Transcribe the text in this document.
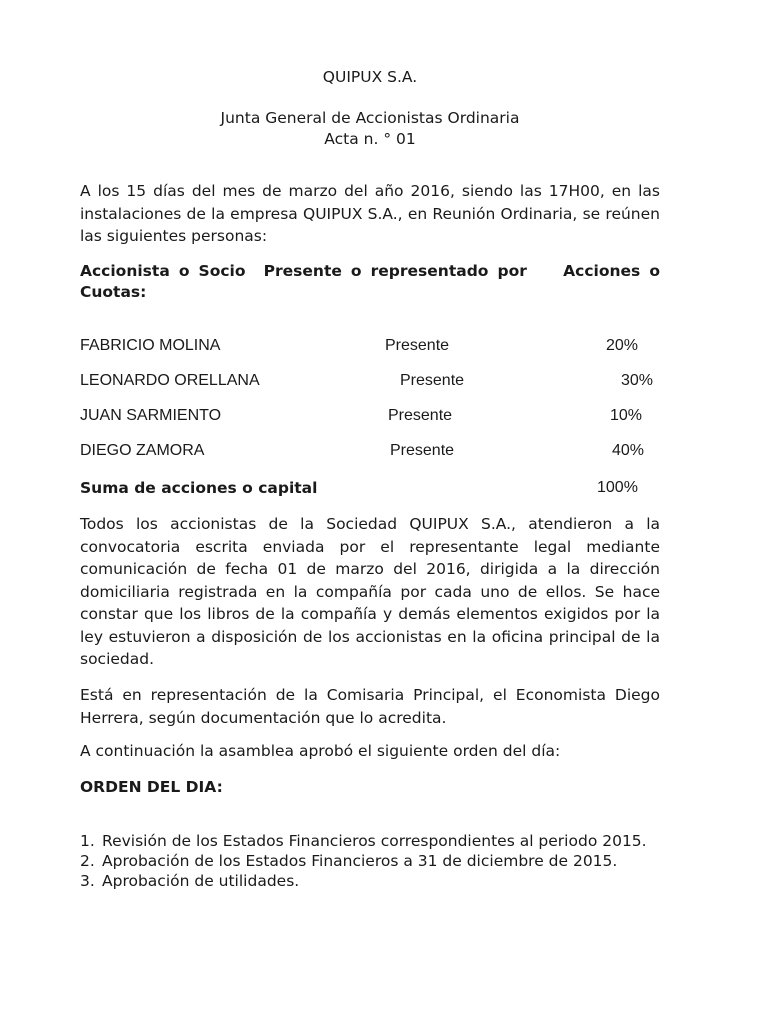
QUIPUX S.A.
Junta General de Accionistas Ordinaria
Acta n. ° 01

A los 15 días del mes de marzo del año 2016, siendo las 17H00, en las instalaciones de la empresa QUIPUX S.A., en Reunión Ordinaria, se reúnen las siguientes personas:

Accionista o Socio  Presente o representado por    Acciones o Cuotas:
FABRICIO MOLINA	Presente	20%
LEONARDO ORELLANA	Presente	30%
JUAN SARMIENTO	Presente	10%
DIEGO ZAMORA	Presente	40%
Suma de acciones o capital	100%

Todos los accionistas de la Sociedad QUIPUX S.A., atendieron a la convocatoria escrita enviada por el representante legal mediante comunicación de fecha 01 de marzo del 2016, dirigida a la dirección domiciliaria registrada en la compañía por cada uno de ellos. Se hace constar que los libros de la compañía y demás elementos exigidos por la ley estuvieron a disposición de los accionistas en la oficina principal de la sociedad.

Está en representación de la Comisaria Principal, el Economista Diego Herrera, según documentación que lo acredita.

A continuación la asamblea aprobó el siguiente orden del día:

ORDEN DEL DIA:
1. Revisión de los Estados Financieros correspondientes al periodo 2015.
2. Aprobación de los Estados Financieros a 31 de diciembre de 2015.
3. Aprobación de utilidades.
